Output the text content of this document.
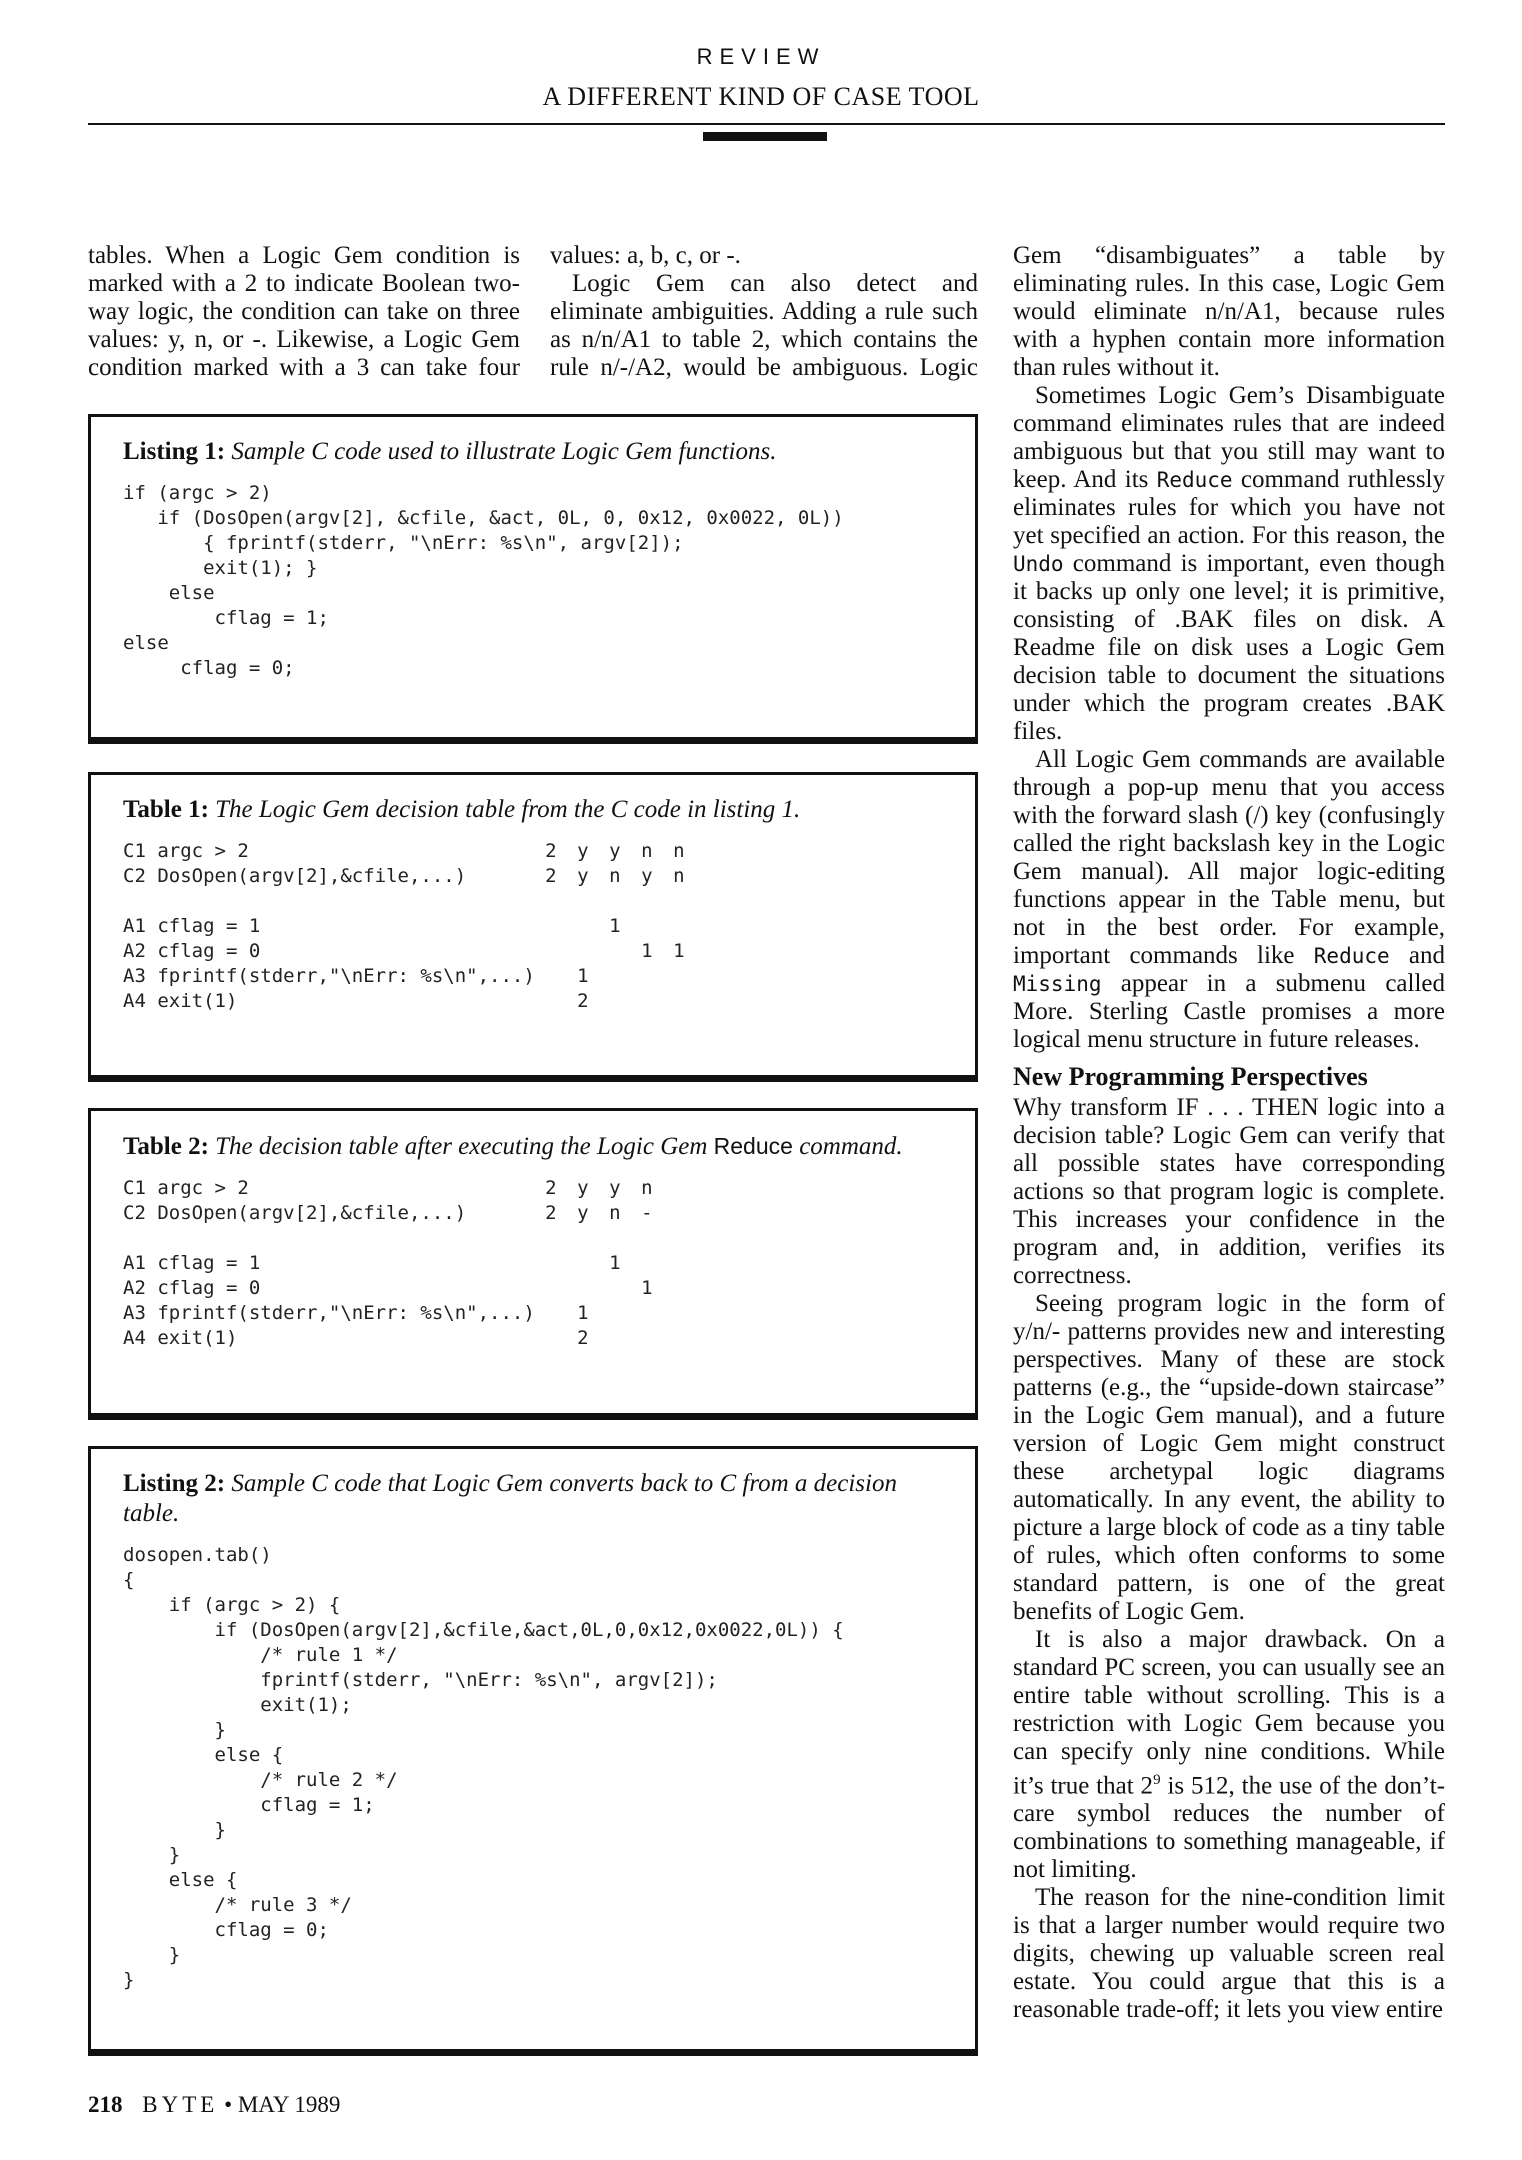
REVIEW
A DIFFERENT KIND OF CASE TOOL

tables. When a Logic Gem condition is marked with a 2 to indicate Boolean two-way logic, the condition can take on three values: y, n, or -. Likewise, a Logic Gem condition marked with a 3 can take four

values: a, b, c, or -.

Logic Gem can also detect and eliminate ambiguities. Adding a rule such as n/n/A1 to table 2, which contains the rule n/-/A2, would be ambiguous. Logic

Listing 1: Sample C code used to illustrate Logic Gem functions.

if (argc > 2)
if (DosOpen(argv[2], &cfile, &act, 0L, 0, 0x12, 0x0022, 0L))
{ fprintf(stderr, "\nErr: %s\n", argv[2]);
exit(1); }
else
cflag = 1;
else
cflag = 0;

Table 1: The Logic Gem decision table from the C code in listing 1.

C1 argc > 2	2	y	y	n	n
C2 DosOpen(argv[2],&cfile,...)	2	y	n	y	n

A1 cflag = 1			1		
A2 cflag = 0				1	1
A3 fprintf(stderr,"\nErr: %s\n",...)		1			
A4 exit(1)		2			

Table 2: The decision table after executing the Logic Gem Reduce command.

C1 argc > 2	2	y	y	n
C2 DosOpen(argv[2],&cfile,...)	2	y	n	-

A1 cflag = 1			1	
A2 cflag = 0				1
A3 fprintf(stderr,"\nErr: %s\n",...)		1		
A4 exit(1)		2		

Listing 2: Sample C code that Logic Gem converts back to C from a decision table.

dosopen.tab()
{
if (argc > 2) {
if (DosOpen(argv[2],&cfile,&act,0L,0,0x12,0x0022,0L)) {
/* rule 1 */
fprintf(stderr, "\nErr: %s\n", argv[2]);
exit(1);
}
else {
/* rule 2 */
cflag = 1;
}
}
else {
/* rule 3 */
cflag = 0;
}
}

Gem “disambiguates” a table by eliminating rules. In this case, Logic Gem would eliminate n/n/A1, because rules with a hyphen contain more information than rules without it.

Sometimes Logic Gem’s Disambiguate command eliminates rules that are indeed ambiguous but that you still may want to keep. And its Reduce command ruthlessly eliminates rules for which you have not yet specified an action. For this reason, the Undo command is important, even though it backs up only one level; it is primitive, consisting of .BAK files on disk. A Readme file on disk uses a Logic Gem decision table to document the situations under which the program creates .BAK files.

All Logic Gem commands are available through a pop-up menu that you access with the forward slash (/) key (confusingly called the right backslash key in the Logic Gem manual). All major logic-editing functions appear in the Table menu, but not in the best order. For example, important commands like Reduce and Missing appear in a submenu called More. Sterling Castle promises a more logical menu structure in future releases.

New Programming Perspectives

Why transform IF . . . THEN logic into a decision table? Logic Gem can verify that all possible states have corresponding actions so that program logic is complete. This increases your confidence in the program and, in addition, verifies its correctness.

Seeing program logic in the form of y/n/- patterns provides new and interesting perspectives. Many of these are stock patterns (e.g., the “upside-down staircase” in the Logic Gem manual), and a future version of Logic Gem might construct these archetypal logic diagrams automatically. In any event, the ability to picture a large block of code as a tiny table of rules, which often conforms to some standard pattern, is one of the great benefits of Logic Gem.

It is also a major drawback. On a standard PC screen, you can usually see an entire table without scrolling. This is a restriction with Logic Gem because you can specify only nine conditions. While it’s true that $2^9$ is 512, the use of the don’t-care symbol reduces the number of combinations to something manageable, if not limiting.

The reason for the nine-condition limit is that a larger number would require two digits, chewing up valuable screen real estate. You could argue that this is a reasonable trade-off; it lets you view entire

218 BYTE • MAY 1989
